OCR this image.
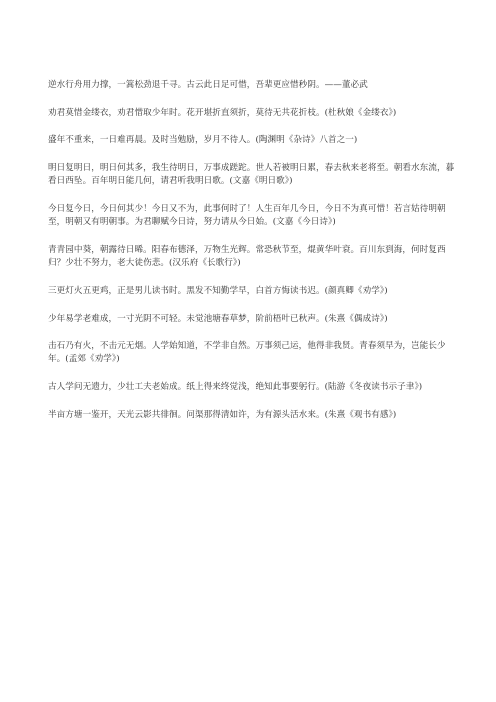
逆水行舟用力撑，一篙松劲退千寻。古云此日足可惜，吾辈更应惜秒阴。——董必武

劝君莫惜金缕衣，劝君惜取少年时。花开堪折直须折，莫待无共花折枝。(杜秋娘《金缕衣》)

盛年不重来，一日难再晨。及时当勉励，岁月不待人。(陶渊明《杂诗》八首之一)

明日复明日，明日何其多，我生待明日，万事成蹉跎。世人若被明日累，春去秋来老将至。朝看水东流，暮看日西坠。百年明日能几何，请君听我明日歌。(文嘉《明日歌》)

今日复今日，今日何其少！今日又不为，此事何时了！人生百年几今日，今日不为真可惜！若言姑待明朝至，明朝又有明朝事。为君聊赋今日诗，努力请从今日始。(文嘉《今日诗》)

青青园中葵，朝露待日晞。阳春布德泽，万物生光辉。常恐秋节至，焜黄华叶衰。百川东到海，何时复西归？少壮不努力，老大徒伤悲。(汉乐府《长歌行》)

三更灯火五更鸡，正是男儿读书时。黑发不知勤学早，白首方悔读书迟。(颜真卿《劝学》)

少年易学老难成，一寸光阴不可轻。未觉池塘春草梦，阶前梧叶已秋声。(朱熹《偶成诗》)

击石乃有火，不击元无烟。人学始知道，不学非自然。万事须己运，他得非我贤。青春须早为，岂能长少年。(孟郊《劝学》)

古人学问无遗力，少壮工夫老始成。纸上得来终觉浅，绝知此事要躬行。(陆游《冬夜读书示子聿》)

半亩方塘一鉴开，天光云影共徘徊。问渠那得清如许，为有源头活水来。(朱熹《观书有感》)
